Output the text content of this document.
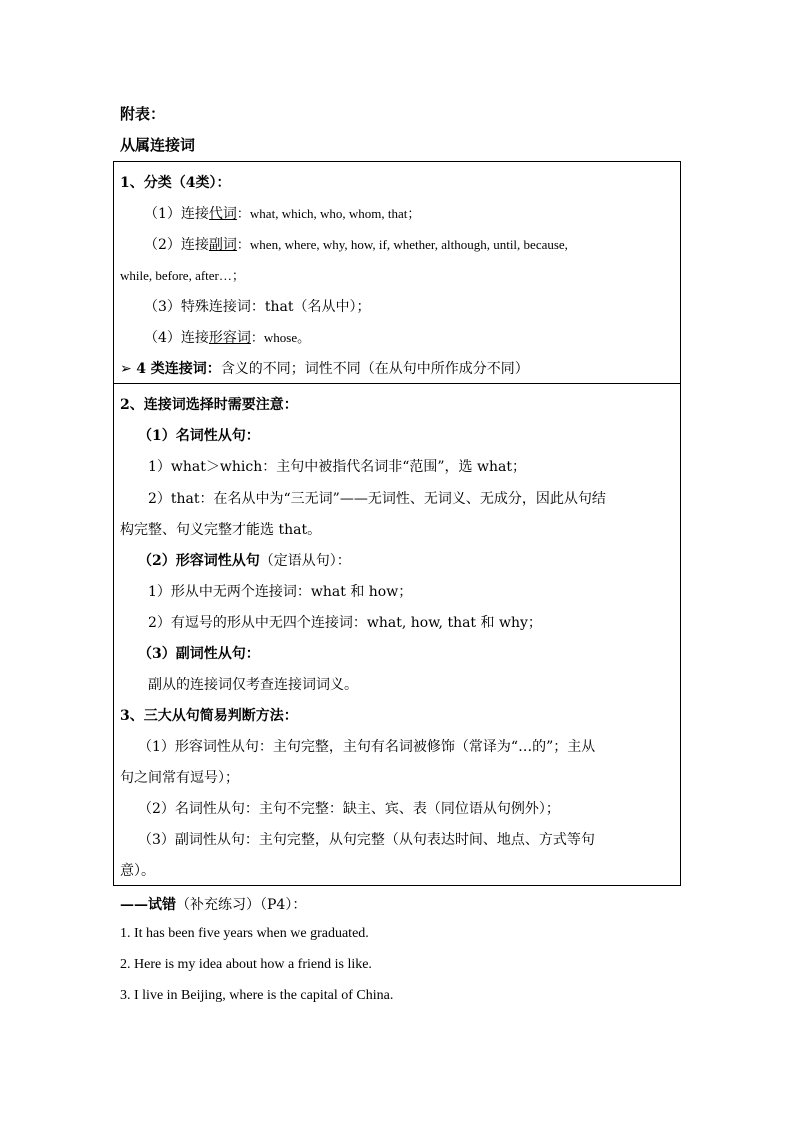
附表：
从属连接词
1、分类（4类）：
（1）连接代词：what, which, who, whom, that；
（2）连接副词：when, where, why, how, if, whether, although, until, because,
while, before, after…；
（3）特殊连接词：that（名从中）；
（4）连接形容词：whose。
➢ 4 类连接词：含义的不同；词性不同（在从句中所作成分不同）
2、连接词选择时需要注意：
（1）名词性从句：
1）what＞which：主句中被指代名词非“范围”，选 what；
2）that：在名从中为“三无词”——无词性、无词义、无成分，因此从句结
构完整、句义完整才能选 that。
（2）形容词性从句（定语从句）：
1）形从中无两个连接词：what 和 how；
2）有逗号的形从中无四个连接词：what, how, that 和 why；
（3）副词性从句：
副从的连接词仅考查连接词词义。
3、三大从句简易判断方法：
（1）形容词性从句：主句完整，主句有名词被修饰（常译为“…的”；主从
句之间常有逗号）；
（2）名词性从句：主句不完整：缺主、宾、表（同位语从句例外）；
（3）副词性从句：主句完整，从句完整（从句表达时间、地点、方式等句
意）。
——试错（补充练习）（P4）：
1. It has been five years when we graduated.
2. Here is my idea about how a friend is like.
3. I live in Beijing, where is the capital of China.
